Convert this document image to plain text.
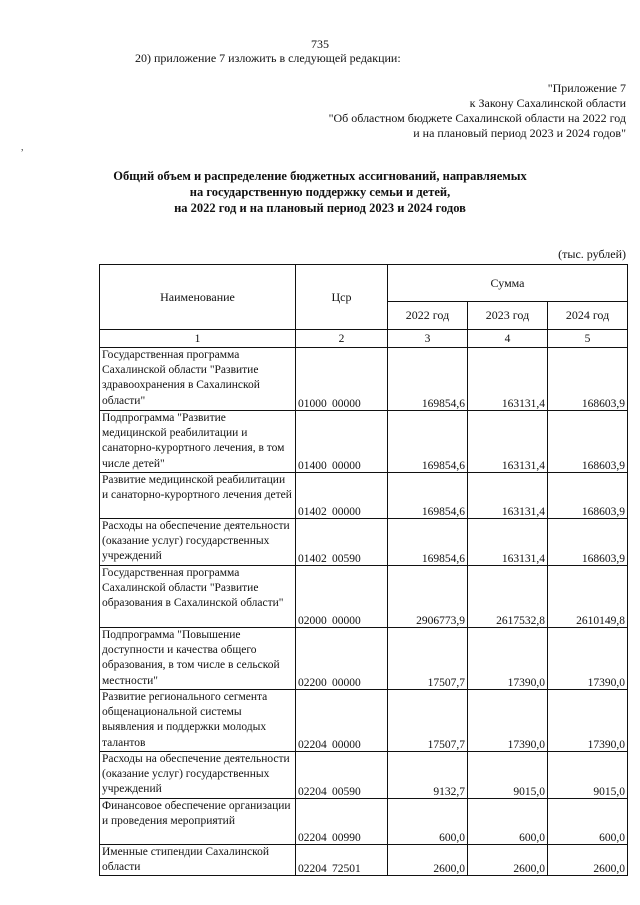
735
20) приложение 7 изложить в следующей редакции:
,
"Приложение 7
к Закону Сахалинской области
"Об областном бюджете Сахалинской области на 2022 год
и на плановый период 2023 и 2024 годов"
Общий объем и распределение бюджетных ассигнований, направляемых
на государственную поддержку семьи и детей,
на 2022 год и на плановый период 2023 и 2024 годов
(тыс. рублей)
Наименование	Цср	Сумма		
		2022 год	2023 год	2024 год
1	2	3	4	5
Государственная программа Сахалинской области "Развитие здравоохранения в Сахалинской области"	01000 00000	169854,6	163131,4	168603,9
Подпрограмма "Развитие медицинской реабилитации и санаторно-курортного лечения, в том числе детей"	01400 00000	169854,6	163131,4	168603,9
Развитие медицинской реабилитации и санаторно-курортного лечения детей	01402 00000	169854,6	163131,4	168603,9
Расходы на обеспечение деятельности (оказание услуг) государственных учреждений	01402 00590	169854,6	163131,4	168603,9
Государственная программа Сахалинской области "Развитие образования в Сахалинской области"	02000 00000	2906773,9	2617532,8	2610149,8
Подпрограмма "Повышение доступности и качества общего образования, в том числе в сельской местности"	02200 00000	17507,7	17390,0	17390,0
Развитие регионального сегмента общенациональной системы выявления и поддержки молодых талантов	02204 00000	17507,7	17390,0	17390,0
Расходы на обеспечение деятельности (оказание услуг) государственных учреждений	02204 00590	9132,7	9015,0	9015,0
Финансовое обеспечение организации и проведения мероприятий	02204 00990	600,0	600,0	600,0
Именные стипендии Сахалинской области	02204 72501	2600,0	2600,0	2600,0
